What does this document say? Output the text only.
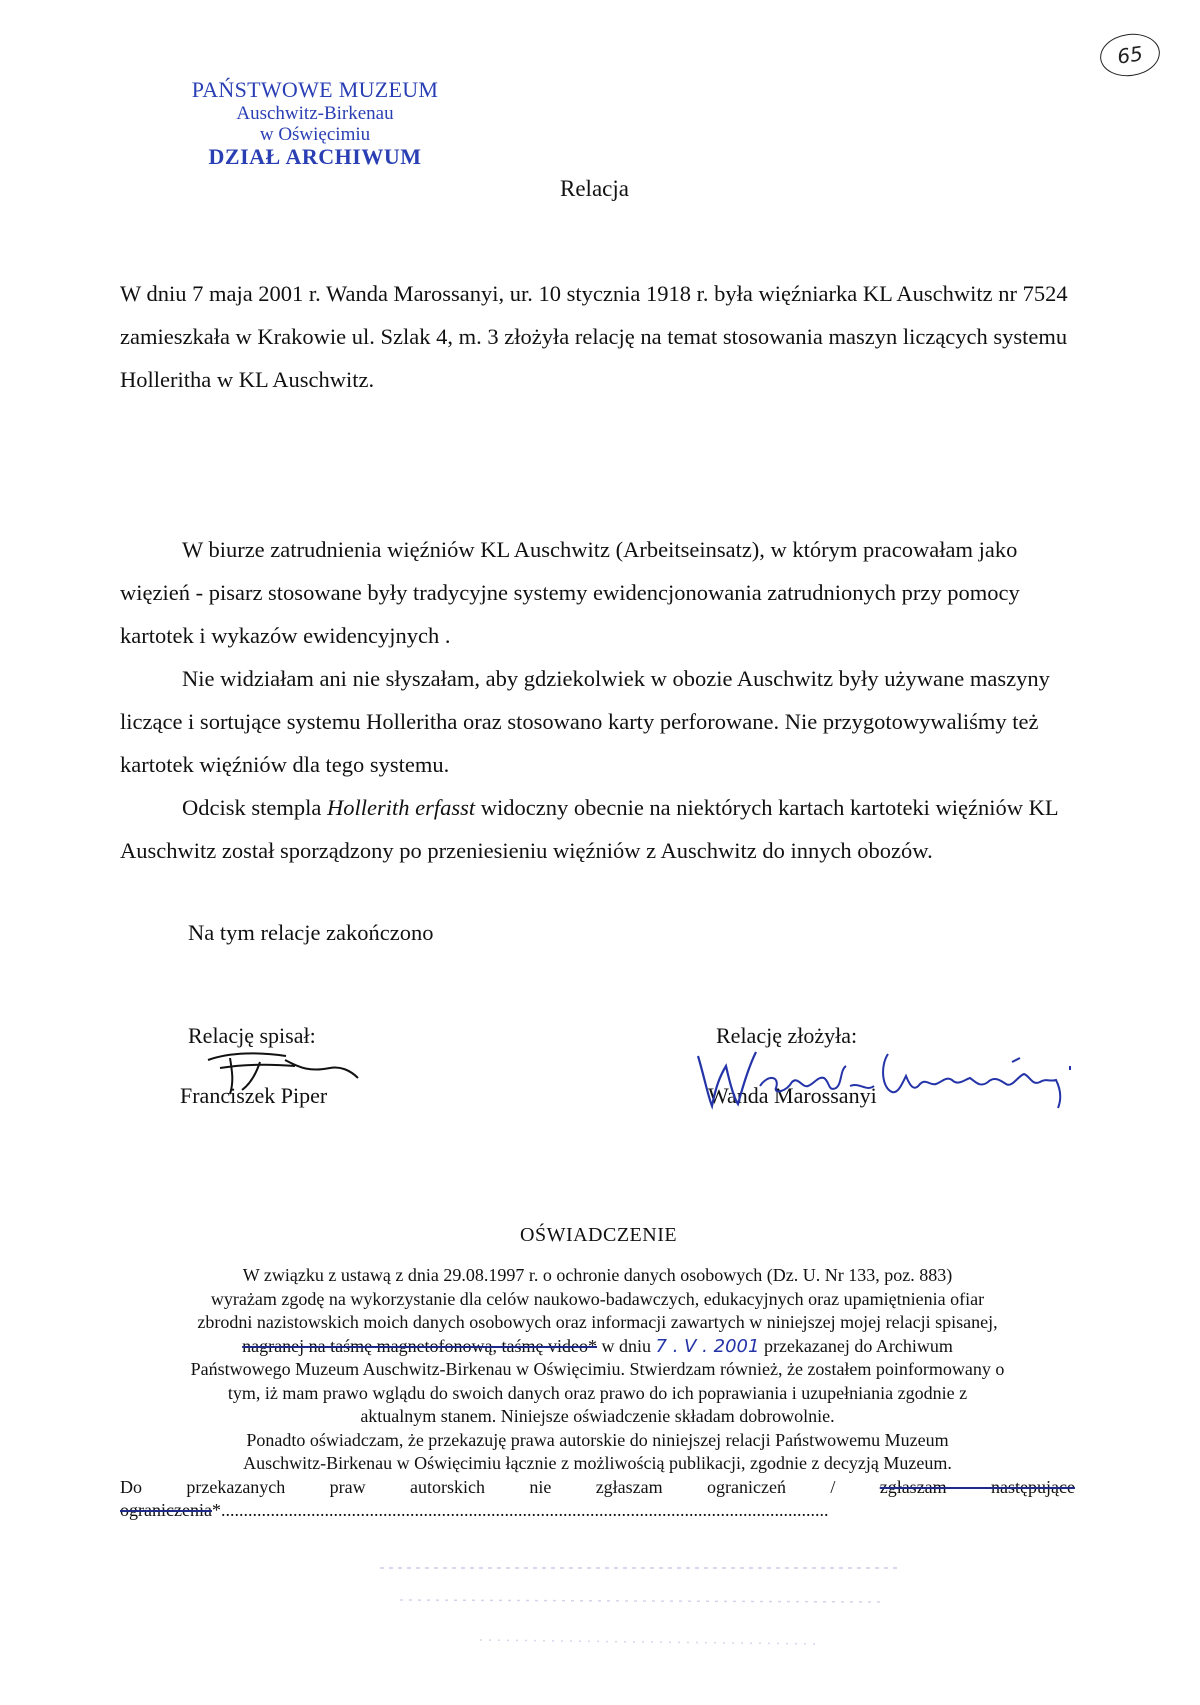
PAŃSTWOWE MUZEUM
Auschwitz-Birkenau
w Oświęcimiu
DZIAŁ ARCHIWUM
65
Relacja

W dniu 7 maja 2001 r. Wanda Marossanyi, ur. 10 stycznia 1918 r. była więźniarka KL Auschwitz nr 7524 zamieszkała w Krakowie ul. Szlak 4, m. 3 złożyła relację na temat stosowania maszyn liczących systemu Holleritha w KL Auschwitz.

W biurze zatrudnienia więźniów KL Auschwitz (Arbeitseinsatz), w którym pracowałam jako więzień - pisarz stosowane były tradycyjne systemy ewidencjonowania zatrudnionych przy pomocy kartotek i wykazów ewidencyjnych .

Nie widziałam ani nie słyszałam, aby gdziekolwiek w obozie Auschwitz były używane maszyny liczące i sortujące systemu Holleritha oraz stosowano karty perforowane. Nie przygotowywaliśmy też kartotek więźniów dla tego systemu.

Odcisk stempla Hollerith erfasst widoczny obecnie na niektórych kartach kartoteki więźniów KL Auschwitz został sporządzony po przeniesieniu więźniów z Auschwitz do innych obozów.

Na tym relacje zakończono
Relację spisał:
Franciszek Piper
Relację złożyła:
Wanda Marossanyi
OŚWIADCZENIE

W związku z ustawą z dnia 29.08.1997 r. o ochronie danych osobowych (Dz. U. Nr 133, poz. 883)

wyrażam zgodę na wykorzystanie dla celów naukowo-badawczych, edukacyjnych oraz upamiętnienia ofiar

zbrodni nazistowskich moich danych osobowych oraz informacji zawartych w niniejszej mojej relacji spisanej,

nagranej na taśmę magnetofonową, taśmę video* w dniu 7 . V . 2001 przekazanej do Archiwum

Państwowego Muzeum Auschwitz-Birkenau w Oświęcimiu. Stwierdzam również, że zostałem poinformowany o

tym, iż mam prawo wglądu do swoich danych oraz prawo do ich poprawiania i uzupełniania zgodnie z

aktualnym stanem. Niniejsze oświadczenie składam dobrowolnie.

Ponadto oświadczam, że przekazuję prawa autorskie do niniejszej relacji Państwowemu Muzeum

Auschwitz-Birkenau w Oświęcimiu łącznie z możliwością publikacji, zgodnie z decyzją Muzeum.

Do przekazanych praw autorskich nie zgłaszam ograniczeń / zgłaszam następujące

ograniczenia*.......................................................................................................................................
